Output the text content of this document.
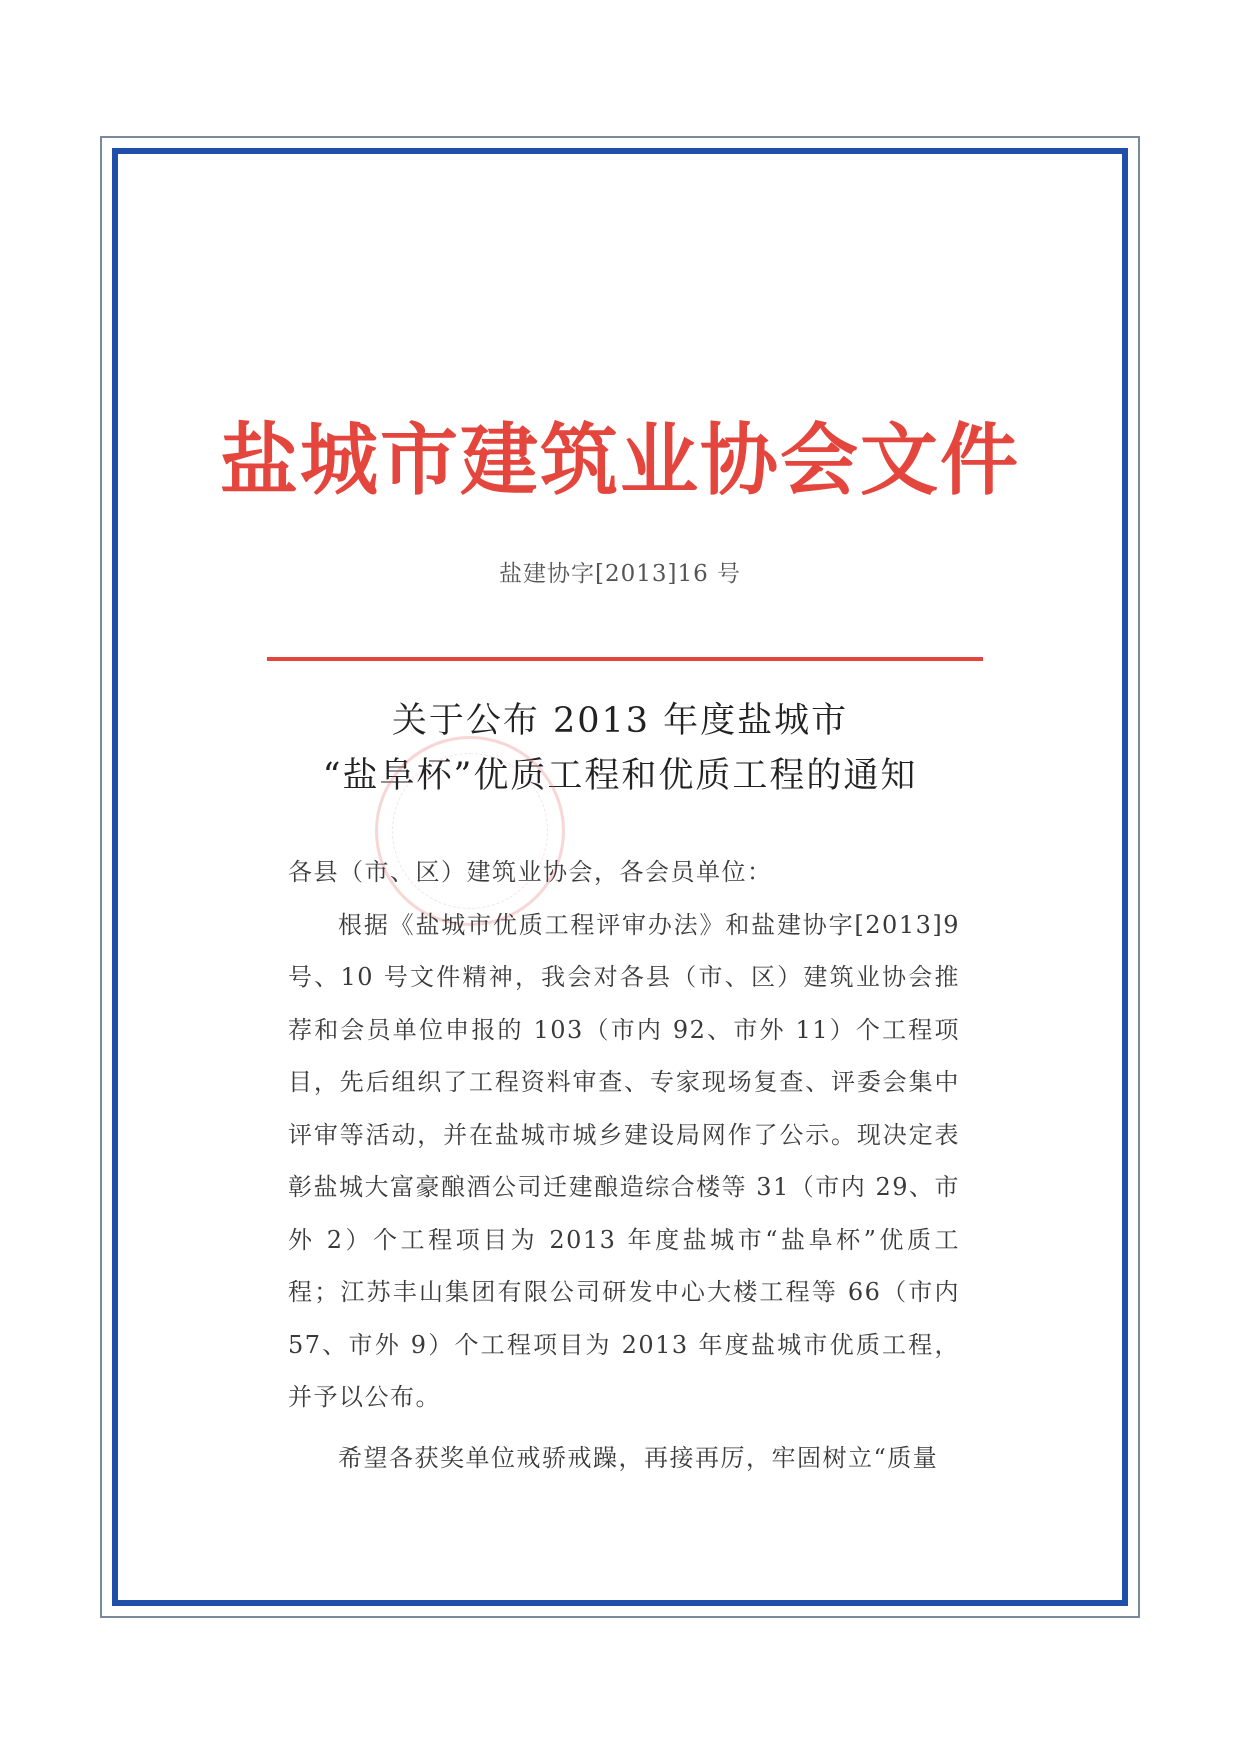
盐城市建筑业协会文件
盐建协字[2013]16 号
关于公布 2013 年度盐城市
“盐阜杯”优质工程和优质工程的通知

各县（市、区）建筑业协会，各会员单位：

根据《盐城市优质工程评审办法》和盐建协字[2013]9 号、10 号文件精神，我会对各县（市、区）建筑业协会推荐和会员单位申报的 103（市内 92、市外 11）个工程项目，先后组织了工程资料审查、专家现场复查、评委会集中评审等活动，并在盐城市城乡建设局网作了公示。现决定表彰盐城大富豪酿酒公司迁建酿造综合楼等 31（市内 29、市外 2）个工程项目为 2013 年度盐城市“盐阜杯”优质工程；江苏丰山集团有限公司研发中心大楼工程等 66（市内 57、市外 9）个工程项目为 2013 年度盐城市优质工程，并予以公布。

希望各获奖单位戒骄戒躁，再接再厉，牢固树立“质量
